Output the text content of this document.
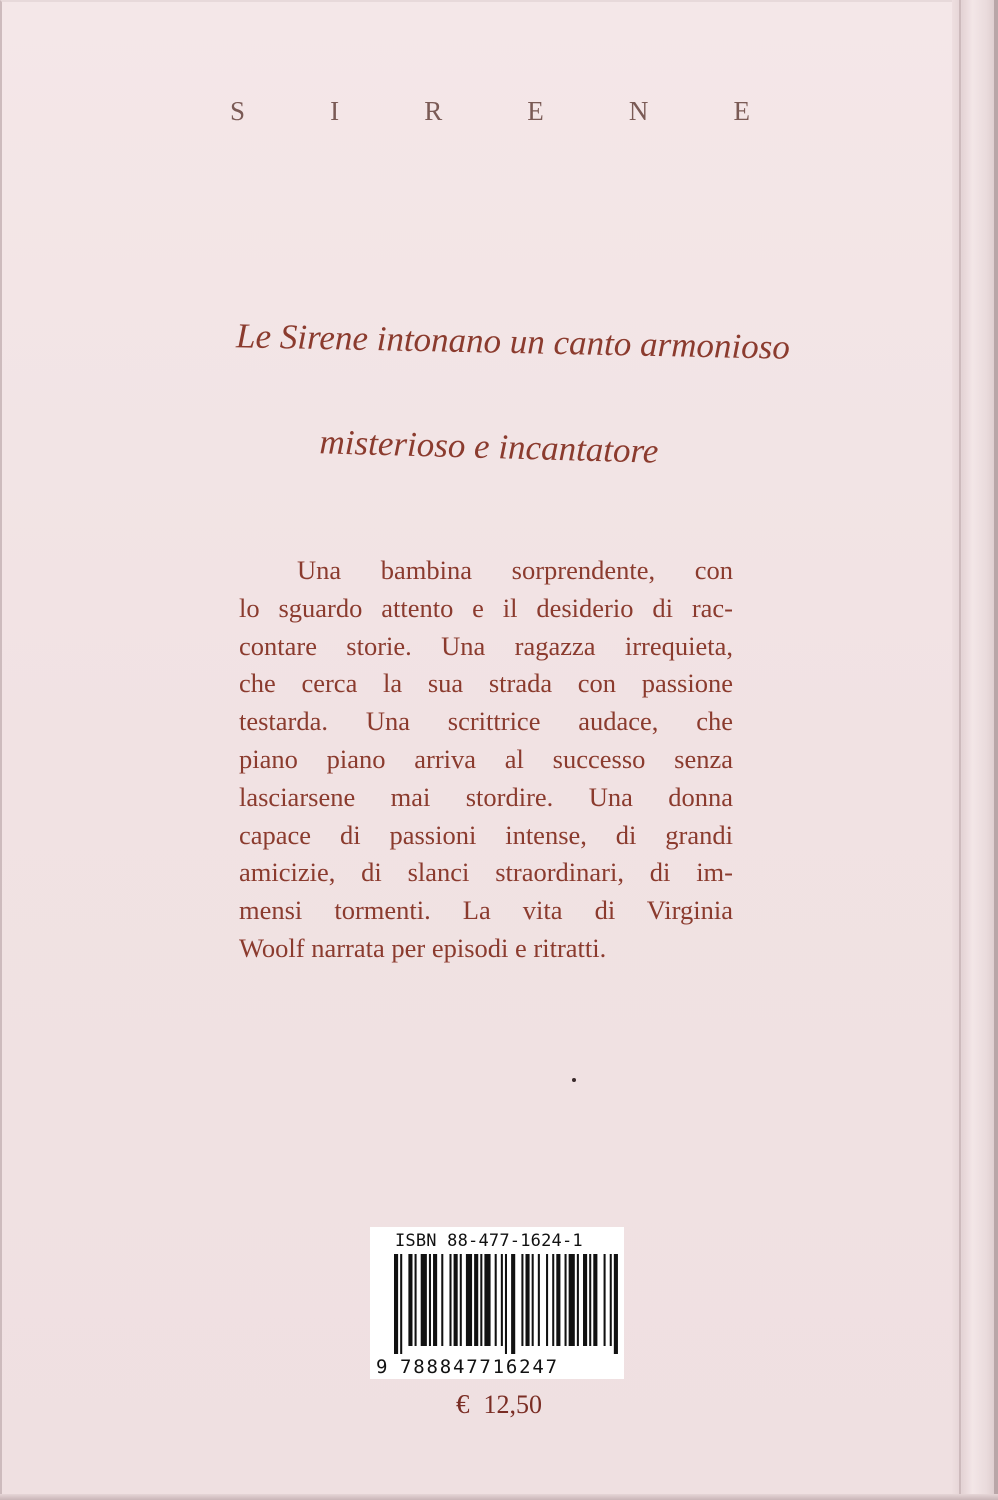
S	I	R	E	N	E
Le Sirene intonano un canto armonioso
misterioso e incantatore
Una bambina sorprendente, con
lo sguardo attento e il desiderio di rac-
contare storie. Una ragazza irrequieta,
che cerca la sua strada con passione
testarda. Una scrittrice audace, che
piano piano arriva al successo senza
lasciarsene mai stordire. Una donna
capace di passioni intense, di grandi
amicizie, di slanci straordinari, di im-
mensi tormenti. La vita di Virginia
Woolf narrata per episodi e ritratti.
ISBN 88-477-1624-1
9 788847716247
€ 12,50
